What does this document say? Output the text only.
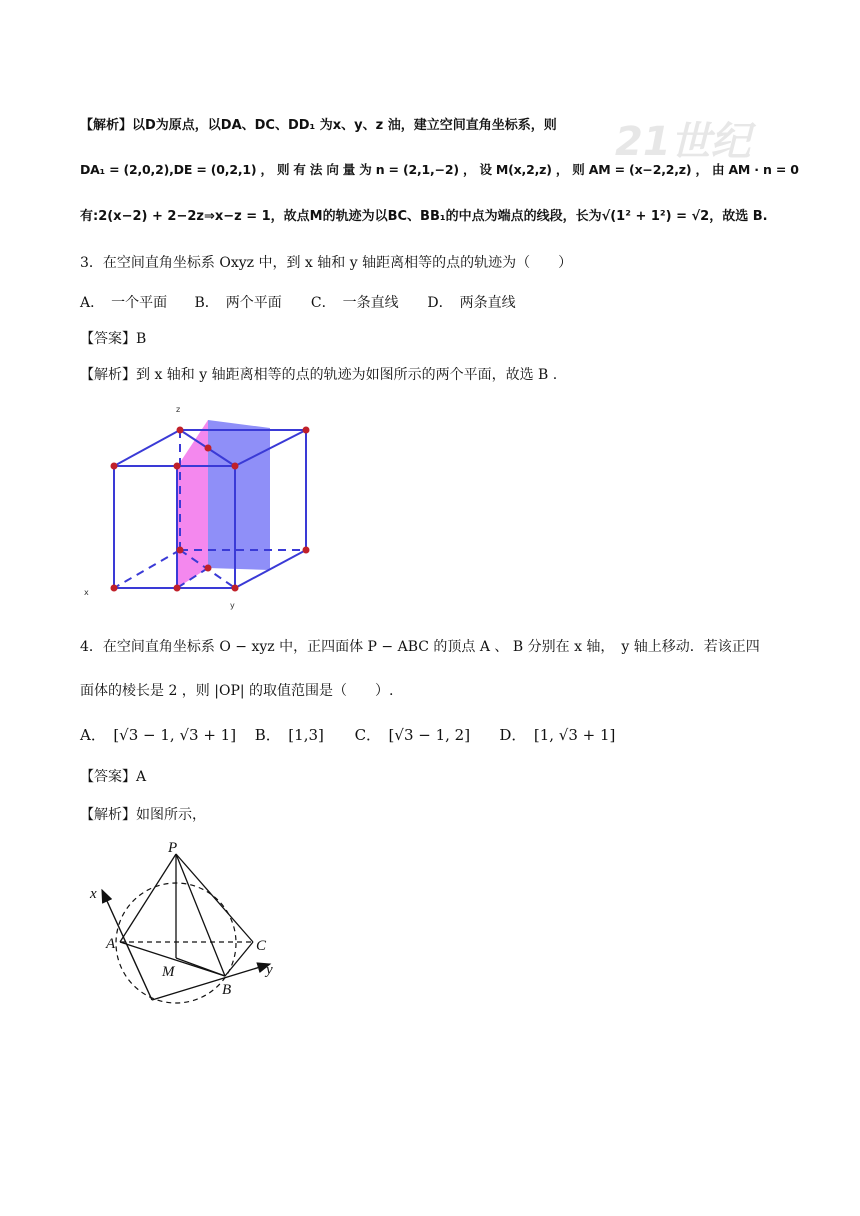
21世纪
【解析】以D为原点，以DA、DC、DD₁ 为x、y、z 油，建立空间直角坐标系，则
DA₁ = (2,0,2),DE = (0,2,1) ， 则 有 法 向 量 为 n = (2,1,−2) ， 设 M(x,2,z) ， 则 AM = (x−2,2,z) ， 由 AM · n = 0
有:2(x−2) + 2−2z⇒x−z = 1，故点M的轨迹为以BC、BB₁的中点为端点的线段，长为√(1² + 1²) = √2，故选 B.
3．在空间直角坐标系 Oxyz 中，到 x 轴和 y 轴距离相等的点的轨迹为（　　）
A．　一个平面 B．　两个平面 C．　一条直线 D．　两条直线
【答案】B
【解析】到 x 轴和 y 轴距离相等的点的轨迹为如图所示的两个平面，故选 B .
z
x
y
4．在空间直角坐标系 O − xyz 中，正四面体 P − ABC 的顶点 A 、 B 分别在 x 轴，　y 轴上移动．若该正四
面体的棱长是 2 ，则 |OP| 的取值范围是（　　）.
A．　[√3 − 1, √3 + 1] B．　[1,3] C．　[√3 − 1, 2] D．　[1, √3 + 1]
【答案】A
【解析】如图所示，
P
x
A	C
M
B
y
